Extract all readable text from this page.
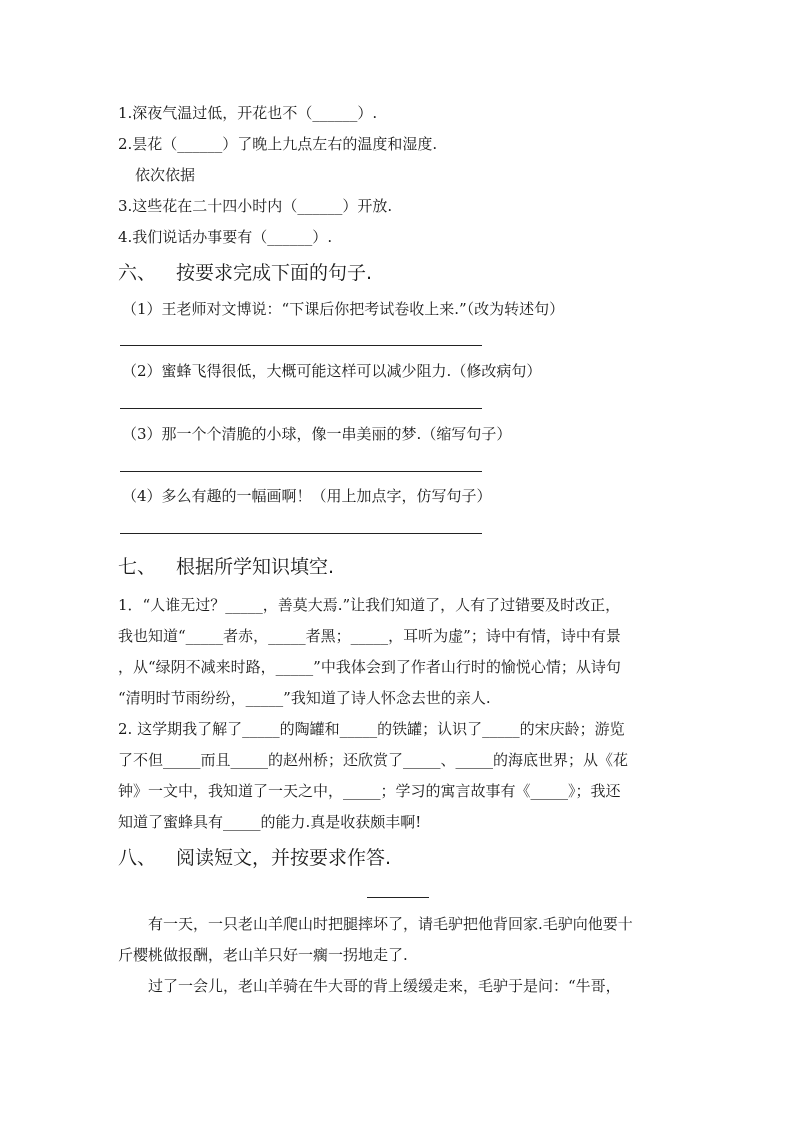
1.深夜气温过低，开花也不（______）.
2.昙花（______）了晚上九点左右的温度和湿度.
依次依据
3.这些花在二十四小时内（______）开放.
4.我们说话办事要有（______）.
六、 按要求完成下面的句子.
（1）王老师对文博说：“下课后你把考试卷收上来.”（改为转述句）
（2）蜜蜂飞得很低，大概可能这样可以减少阻力.（修改病句）
（3）那一个个清脆的小球，像一串美丽的梦.（缩写句子）
（4）多么有趣的一幅画啊！（用上加点字，仿写句子）
七、 根据所学知识填空.
1．“人谁无过？_____，善莫大焉.”让我们知道了，人有了过错要及时改正，
我也知道“_____者赤，_____者黑；_____，耳听为虚”；诗中有情，诗中有景
，从“绿阴不减来时路，_____”中我体会到了作者山行时的愉悦心情；从诗句
“清明时节雨纷纷，_____”我知道了诗人怀念去世的亲人.
2. 这学期我了解了_____的陶罐和_____的铁罐；认识了_____的宋庆龄；游览
了不但_____而且_____的赵州桥；还欣赏了_____、_____的海底世界；从《花
钟》一文中，我知道了一天之中，_____；学习的寓言故事有《_____》；我还
知道了蜜蜂具有_____的能力.真是收获颇丰啊!
八、 阅读短文，并按要求作答.
有一天，一只老山羊爬山时把腿摔坏了，请毛驴把他背回家.毛驴向他要十
斤樱桃做报酬，老山羊只好一瘸一拐地走了.
过了一会儿，老山羊骑在牛大哥的背上缓缓走来，毛驴于是问：“牛哥，
